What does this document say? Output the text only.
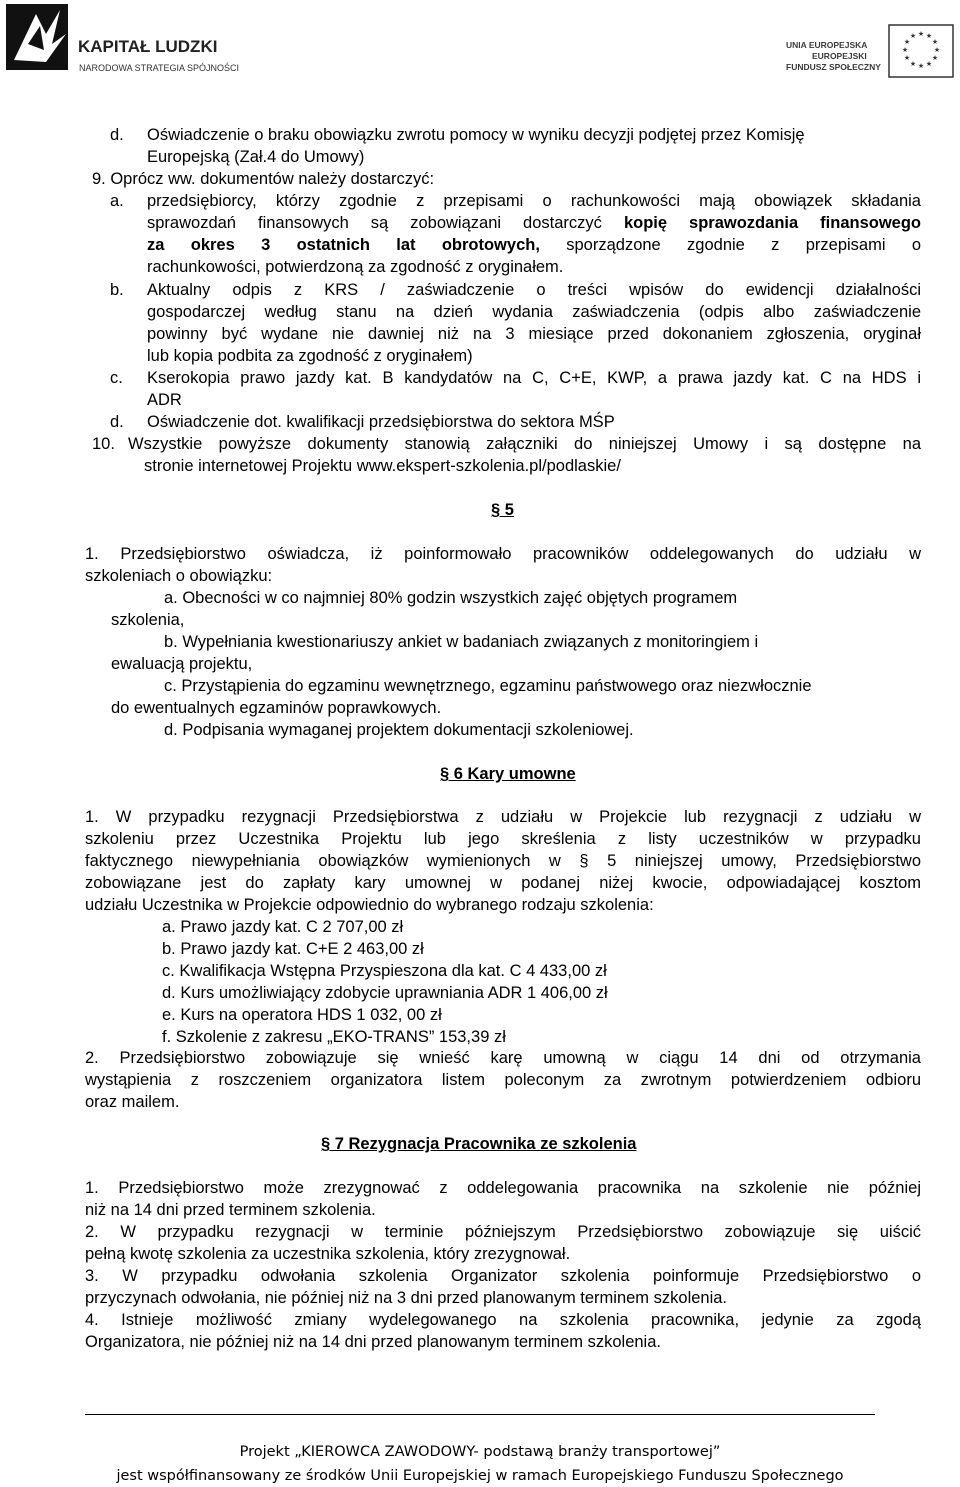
KAPITAŁ LUDZKI
NARODOWA STRATEGIA SPÓJNOŚCI
UNIA EUROPEJSKA
EUROPEJSKI
FUNDUSZ SPOŁECZNY
★ ★
★
★
★
★
★
★
★
★
★
★
d. Oświadczenie o braku obowiązku zwrotu pomocy w wyniku decyzji podjętej przez Komisję
Europejską (Zał.4 do Umowy)
9. Oprócz ww. dokumentów należy dostarczyć:
a. przedsiębiorcy, którzy zgodnie z przepisami o rachunkowości mają obowiązek składania
sprawozdań finansowych są zobowiązani dostarczyć kopię sprawozdania finansowego
za okres 3 ostatnich lat obrotowych, sporządzone zgodnie z przepisami o
rachunkowości, potwierdzoną za zgodność z oryginałem.
b. Aktualny odpis z KRS / zaświadczenie o treści wpisów do ewidencji działalności
gospodarczej według stanu na dzień wydania zaświadczenia (odpis albo zaświadczenie
powinny być wydane nie dawniej niż na 3 miesiące przed dokonaniem zgłoszenia, oryginał
lub kopia podbita za zgodność z oryginałem)
c. Kserokopia prawo jazdy kat. B kandydatów na C, C+E, KWP, a prawa jazdy kat. C na HDS i
ADR
d. Oświadczenie dot. kwalifikacji przedsiębiorstwa do sektora MŚP
10. Wszystkie powyższe dokumenty stanowią załączniki do niniejszej Umowy i są dostępne na
stronie internetowej Projektu www.ekspert-szkolenia.pl/podlaskie/
§ 5
1. Przedsiębiorstwo oświadcza, iż poinformowało pracowników oddelegowanych do udziału w
szkoleniach o obowiązku:
a. Obecności w co najmniej 80% godzin wszystkich zajęć objętych programem
szkolenia,
b. Wypełniania kwestionariuszy ankiet w badaniach związanych z monitoringiem i
ewaluacją projektu,
c. Przystąpienia do egzaminu wewnętrznego, egzaminu państwowego oraz niezwłocznie
do ewentualnych egzaminów poprawkowych.
d. Podpisania wymaganej projektem dokumentacji szkoleniowej.
§ 6 Kary umowne
1. W przypadku rezygnacji Przedsiębiorstwa z udziału w Projekcie lub rezygnacji z udziału w
szkoleniu przez Uczestnika Projektu lub jego skreślenia z listy uczestników w przypadku
faktycznego niewypełniania obowiązków wymienionych w § 5 niniejszej umowy, Przedsiębiorstwo
zobowiązane jest do zapłaty kary umownej w podanej niżej kwocie, odpowiadającej kosztom
udziału Uczestnika w Projekcie odpowiednio do wybranego rodzaju szkolenia:
a. Prawo jazdy kat. C 2 707,00 zł
b. Prawo jazdy kat. C+E 2 463,00 zł
c. Kwalifikacja Wstępna Przyspieszona dla kat. C 4 433,00 zł
d. Kurs umożliwiający zdobycie uprawniania ADR 1 406,00 zł
e. Kurs na operatora HDS 1 032, 00 zł
f. Szkolenie z zakresu „EKO-TRANS” 153,39 zł
2. Przedsiębiorstwo zobowiązuje się wnieść karę umowną w ciągu 14 dni od otrzymania
wystąpienia z roszczeniem organizatora listem poleconym za zwrotnym potwierdzeniem odbioru
oraz mailem.
§ 7 Rezygnacja Pracownika ze szkolenia
1. Przedsiębiorstwo może zrezygnować z oddelegowania pracownika na szkolenie nie później
niż na 14 dni przed terminem szkolenia.
2. W przypadku rezygnacji w terminie późniejszym Przedsiębiorstwo zobowiązuje się uiścić
pełną kwotę szkolenia za uczestnika szkolenia, który zrezygnował.
3. W przypadku odwołania szkolenia Organizator szkolenia poinformuje Przedsiębiorstwo o
przyczynach odwołania, nie później niż na 3 dni przed planowanym terminem szkolenia.
4. Istnieje możliwość zmiany wydelegowanego na szkolenia pracownika, jedynie za zgodą
Organizatora, nie później niż na 14 dni przed planowanym terminem szkolenia.
Projekt „KIEROWCA ZAWODOWY- podstawą branży transportowej”
jest współfinansowany ze środków Unii Europejskiej w ramach Europejskiego Funduszu Społecznego
